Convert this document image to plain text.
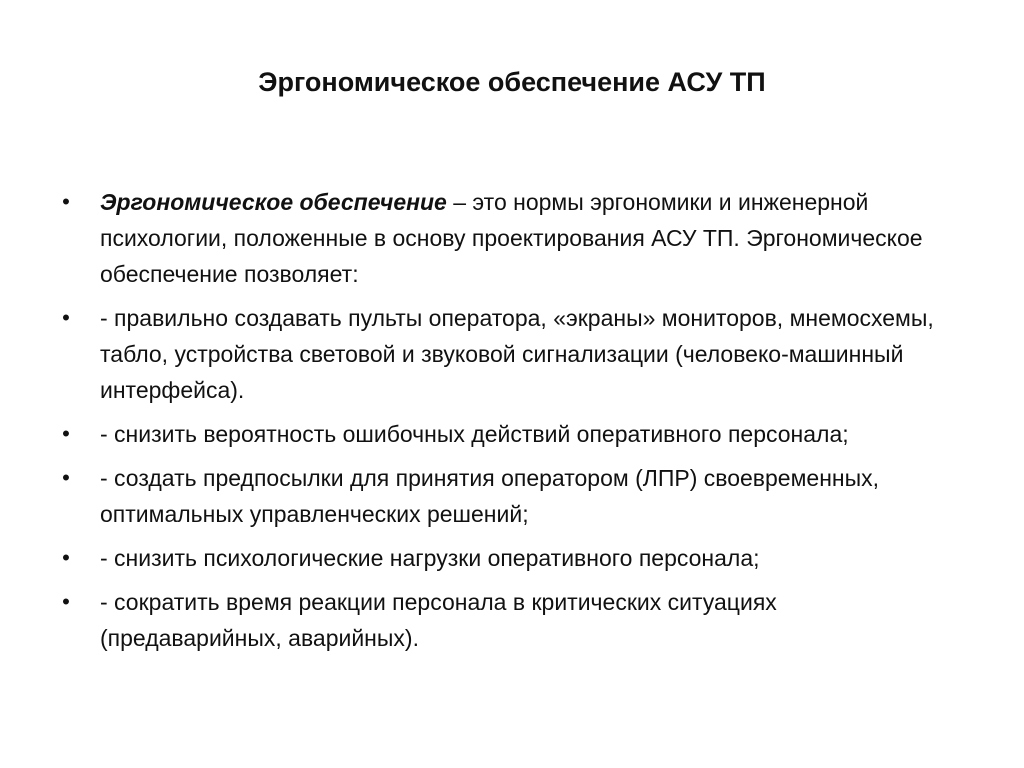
Эргономическое обеспечение АСУ ТП
• Эргономическое обеспечение – это нормы эргономики и инженерной психологии, положенные в основу проектирования АСУ ТП. Эргономическое обеспечение позволяет:
• - правильно создавать пульты оператора, «экраны» мониторов, мнемосхемы, табло, устройства световой и звуковой сигнализации (человеко-машинный интерфейса).
• - снизить вероятность ошибочных действий оперативного персонала;
• - создать предпосылки для принятия оператором (ЛПР) своевременных, оптимальных управленческих решений;
• - снизить психологические нагрузки оперативного персонала;
• - сократить время реакции персонала в критических ситуациях (предаварийных, аварийных).
